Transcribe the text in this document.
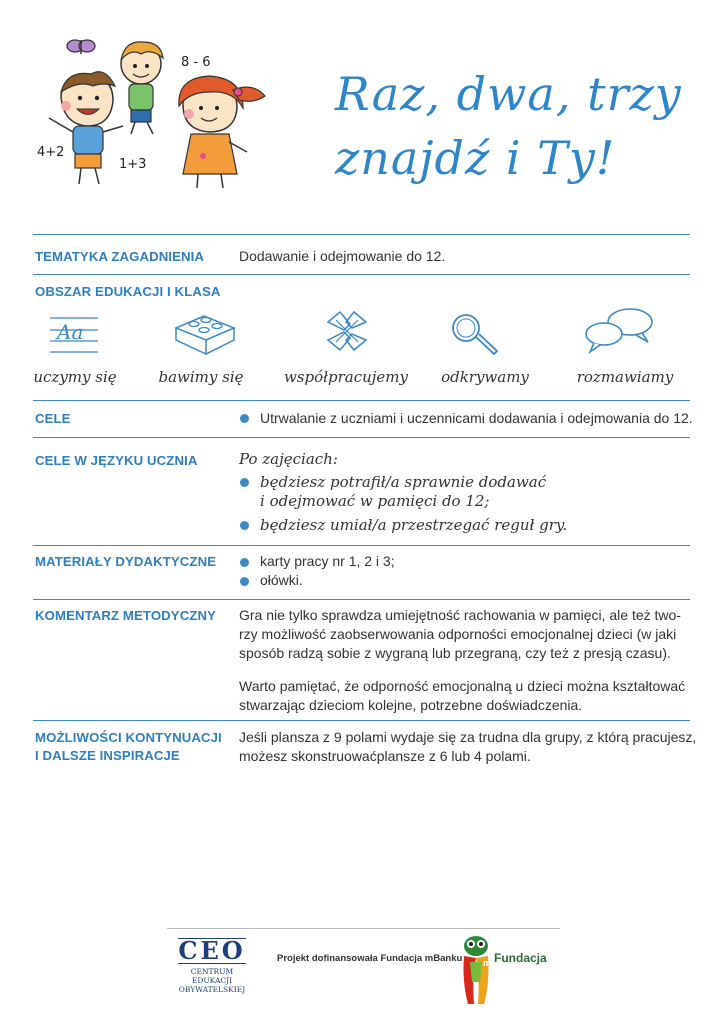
8 - 6
4+2
1+3
Raz, dwa, trzy
znajdź i Ty!
TEMATYKA ZAGADNIENIA Dodawanie i odejmowanie do 12.
OBSZAR EDUKACJI I KLASA
Aa
uczymy się	bawimy się	współpracujemy	odkrywamy	rozmawiamy
CELE	Utrwalanie z uczniami i uczennicami dodawania i odejmowania do 12.
CELE W JĘZYKU UCZNIA	Po zajęciach:
będziesz potrafił/a sprawnie dodawać
i odejmować w pamięci do 12;
będziesz umiał/a przestrzegać reguł gry.
MATERIAŁY DYDAKTYCZNE	karty pracy nr 1, 2 i 3;
ołówki.
KOMENTARZ METODYCZNY Gra nie tylko sprawdza umiejętność rachowania w pamięci, ale też two-
rzy możliwość zaobserwowania odporności emocjonalnej dzieci (w jaki
sposób radzą sobie z wygraną lub przegraną, czy też z presją czasu).
Warto pamiętać, że odporność emocjonalną u dzieci można kształtować
stwarzając dzieciom kolejne, potrzebne doświadczenia.
MOŻLIWOŚCI KONTYNUACJI
I DALSZE INSPIRACJE
Jeśli plansza z 9 polami wydaje się za trudna dla grupy, z którą pracujesz,
możesz skonstruowaćplansze z 6 lub 4 polami.
CEO
CENTRUM EDUKACJI
OBYWATELSKIEJ
Projekt dofinansowała Fundacja mBanku m Fundacja
